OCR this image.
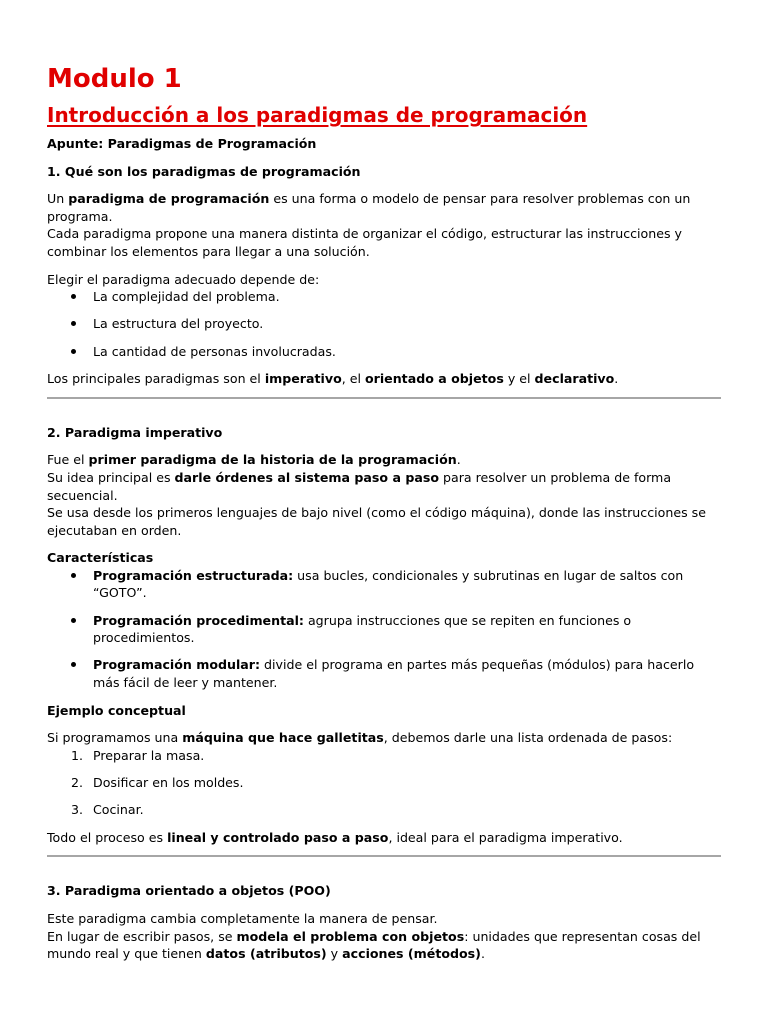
Modulo 1
Introducción a los paradigmas de programación

Apunte: Paradigmas de Programación

1. Qué son los paradigmas de programación

Un paradigma de programación es una forma o modelo de pensar para resolver problemas con un programa.
Cada paradigma propone una manera distinta de organizar el código, estructurar las instrucciones y combinar los elementos para llegar a una solución.

Elegir el paradigma adecuado depende de:

La complejidad del problema.
La estructura del proyecto.
La cantidad de personas involucradas.

Los principales paradigmas son el imperativo, el orientado a objetos y el declarativo.

2. Paradigma imperativo

Fue el primer paradigma de la historia de la programación.
Su idea principal es darle órdenes al sistema paso a paso para resolver un problema de forma secuencial.
Se usa desde los primeros lenguajes de bajo nivel (como el código máquina), donde las instrucciones se ejecutaban en orden.

Características

Programación estructurada: usa bucles, condicionales y subrutinas en lugar de saltos con “GOTO”.
Programación procedimental: agrupa instrucciones que se repiten en funciones o procedimientos.
Programación modular: divide el programa en partes más pequeñas (módulos) para hacerlo más fácil de leer y mantener.

Ejemplo conceptual

Si programamos una máquina que hace galletitas, debemos darle una lista ordenada de pasos:

1. Preparar la masa.
2. Dosificar en los moldes.
3. Cocinar.

Todo el proceso es lineal y controlado paso a paso, ideal para el paradigma imperativo.

3. Paradigma orientado a objetos (POO)

Este paradigma cambia completamente la manera de pensar.
En lugar de escribir pasos, se modela el problema con objetos: unidades que representan cosas del mundo real y que tienen datos (atributos) y acciones (métodos).
